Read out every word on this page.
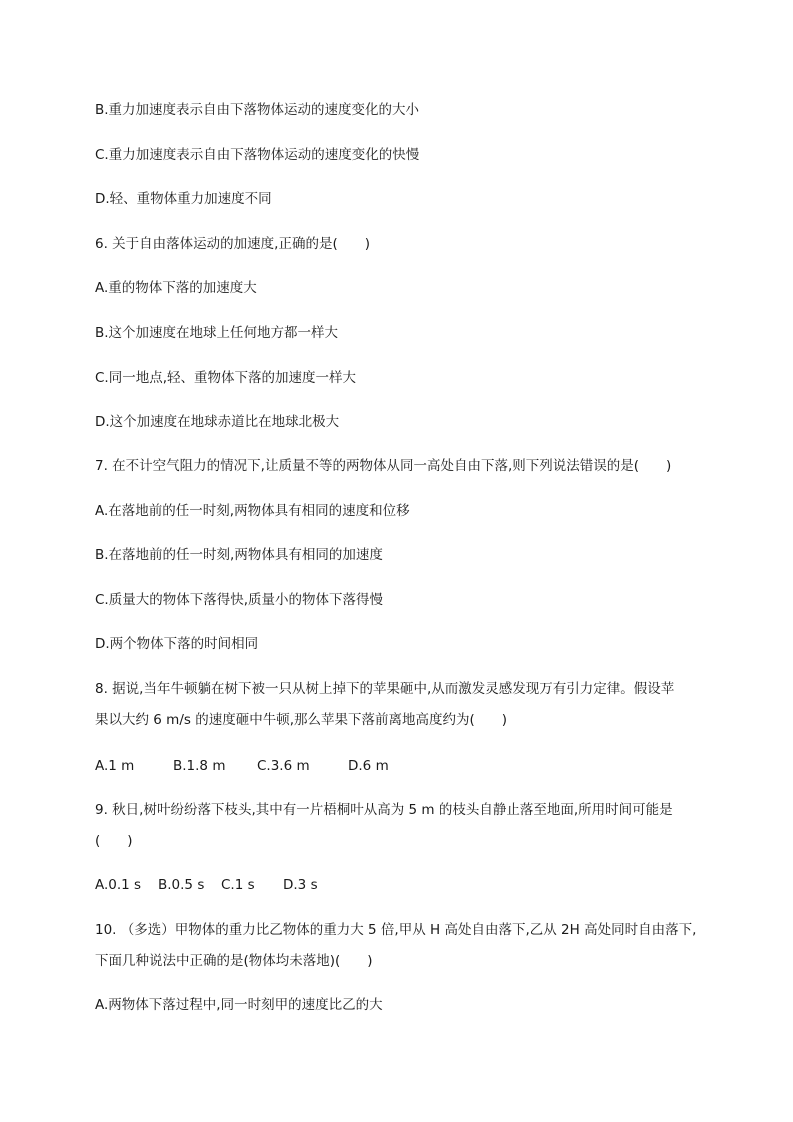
B.重力加速度表示自由下落物体运动的速度变化的大小
C.重力加速度表示自由下落物体运动的速度变化的快慢
D.轻、重物体重力加速度不同
6. 关于自由落体运动的加速度,正确的是(　　)
A.重的物体下落的加速度大
B.这个加速度在地球上任何地方都一样大
C.同一地点,轻、重物体下落的加速度一样大
D.这个加速度在地球赤道比在地球北极大
7. 在不计空气阻力的情况下,让质量不等的两物体从同一高处自由下落,则下列说法错误的是(　　)
A.在落地前的任一时刻,两物体具有相同的速度和位移
B.在落地前的任一时刻,两物体具有相同的加速度
C.质量大的物体下落得快,质量小的物体下落得慢
D.两个物体下落的时间相同
8. 据说,当年牛顿躺在树下被一只从树上掉下的苹果砸中,从而激发灵感发现万有引力定律。假设苹
果以大约 6 m/s 的速度砸中牛顿,那么苹果下落前离地高度约为(　　)
A.1 m	B.1.8 m	C.3.6 m	D.6 m
9. 秋日,树叶纷纷落下枝头,其中有一片梧桐叶从高为 5 m 的枝头自静止落至地面,所用时间可能是
(　　)
A.0.1 s	B.0.5 s	C.1 s	D.3 s
10. （多选）甲物体的重力比乙物体的重力大 5 倍,甲从 H 高处自由落下,乙从 2H 高处同时自由落下,
下面几种说法中正确的是(物体均未落地)(　　)
A.两物体下落过程中,同一时刻甲的速度比乙的大
